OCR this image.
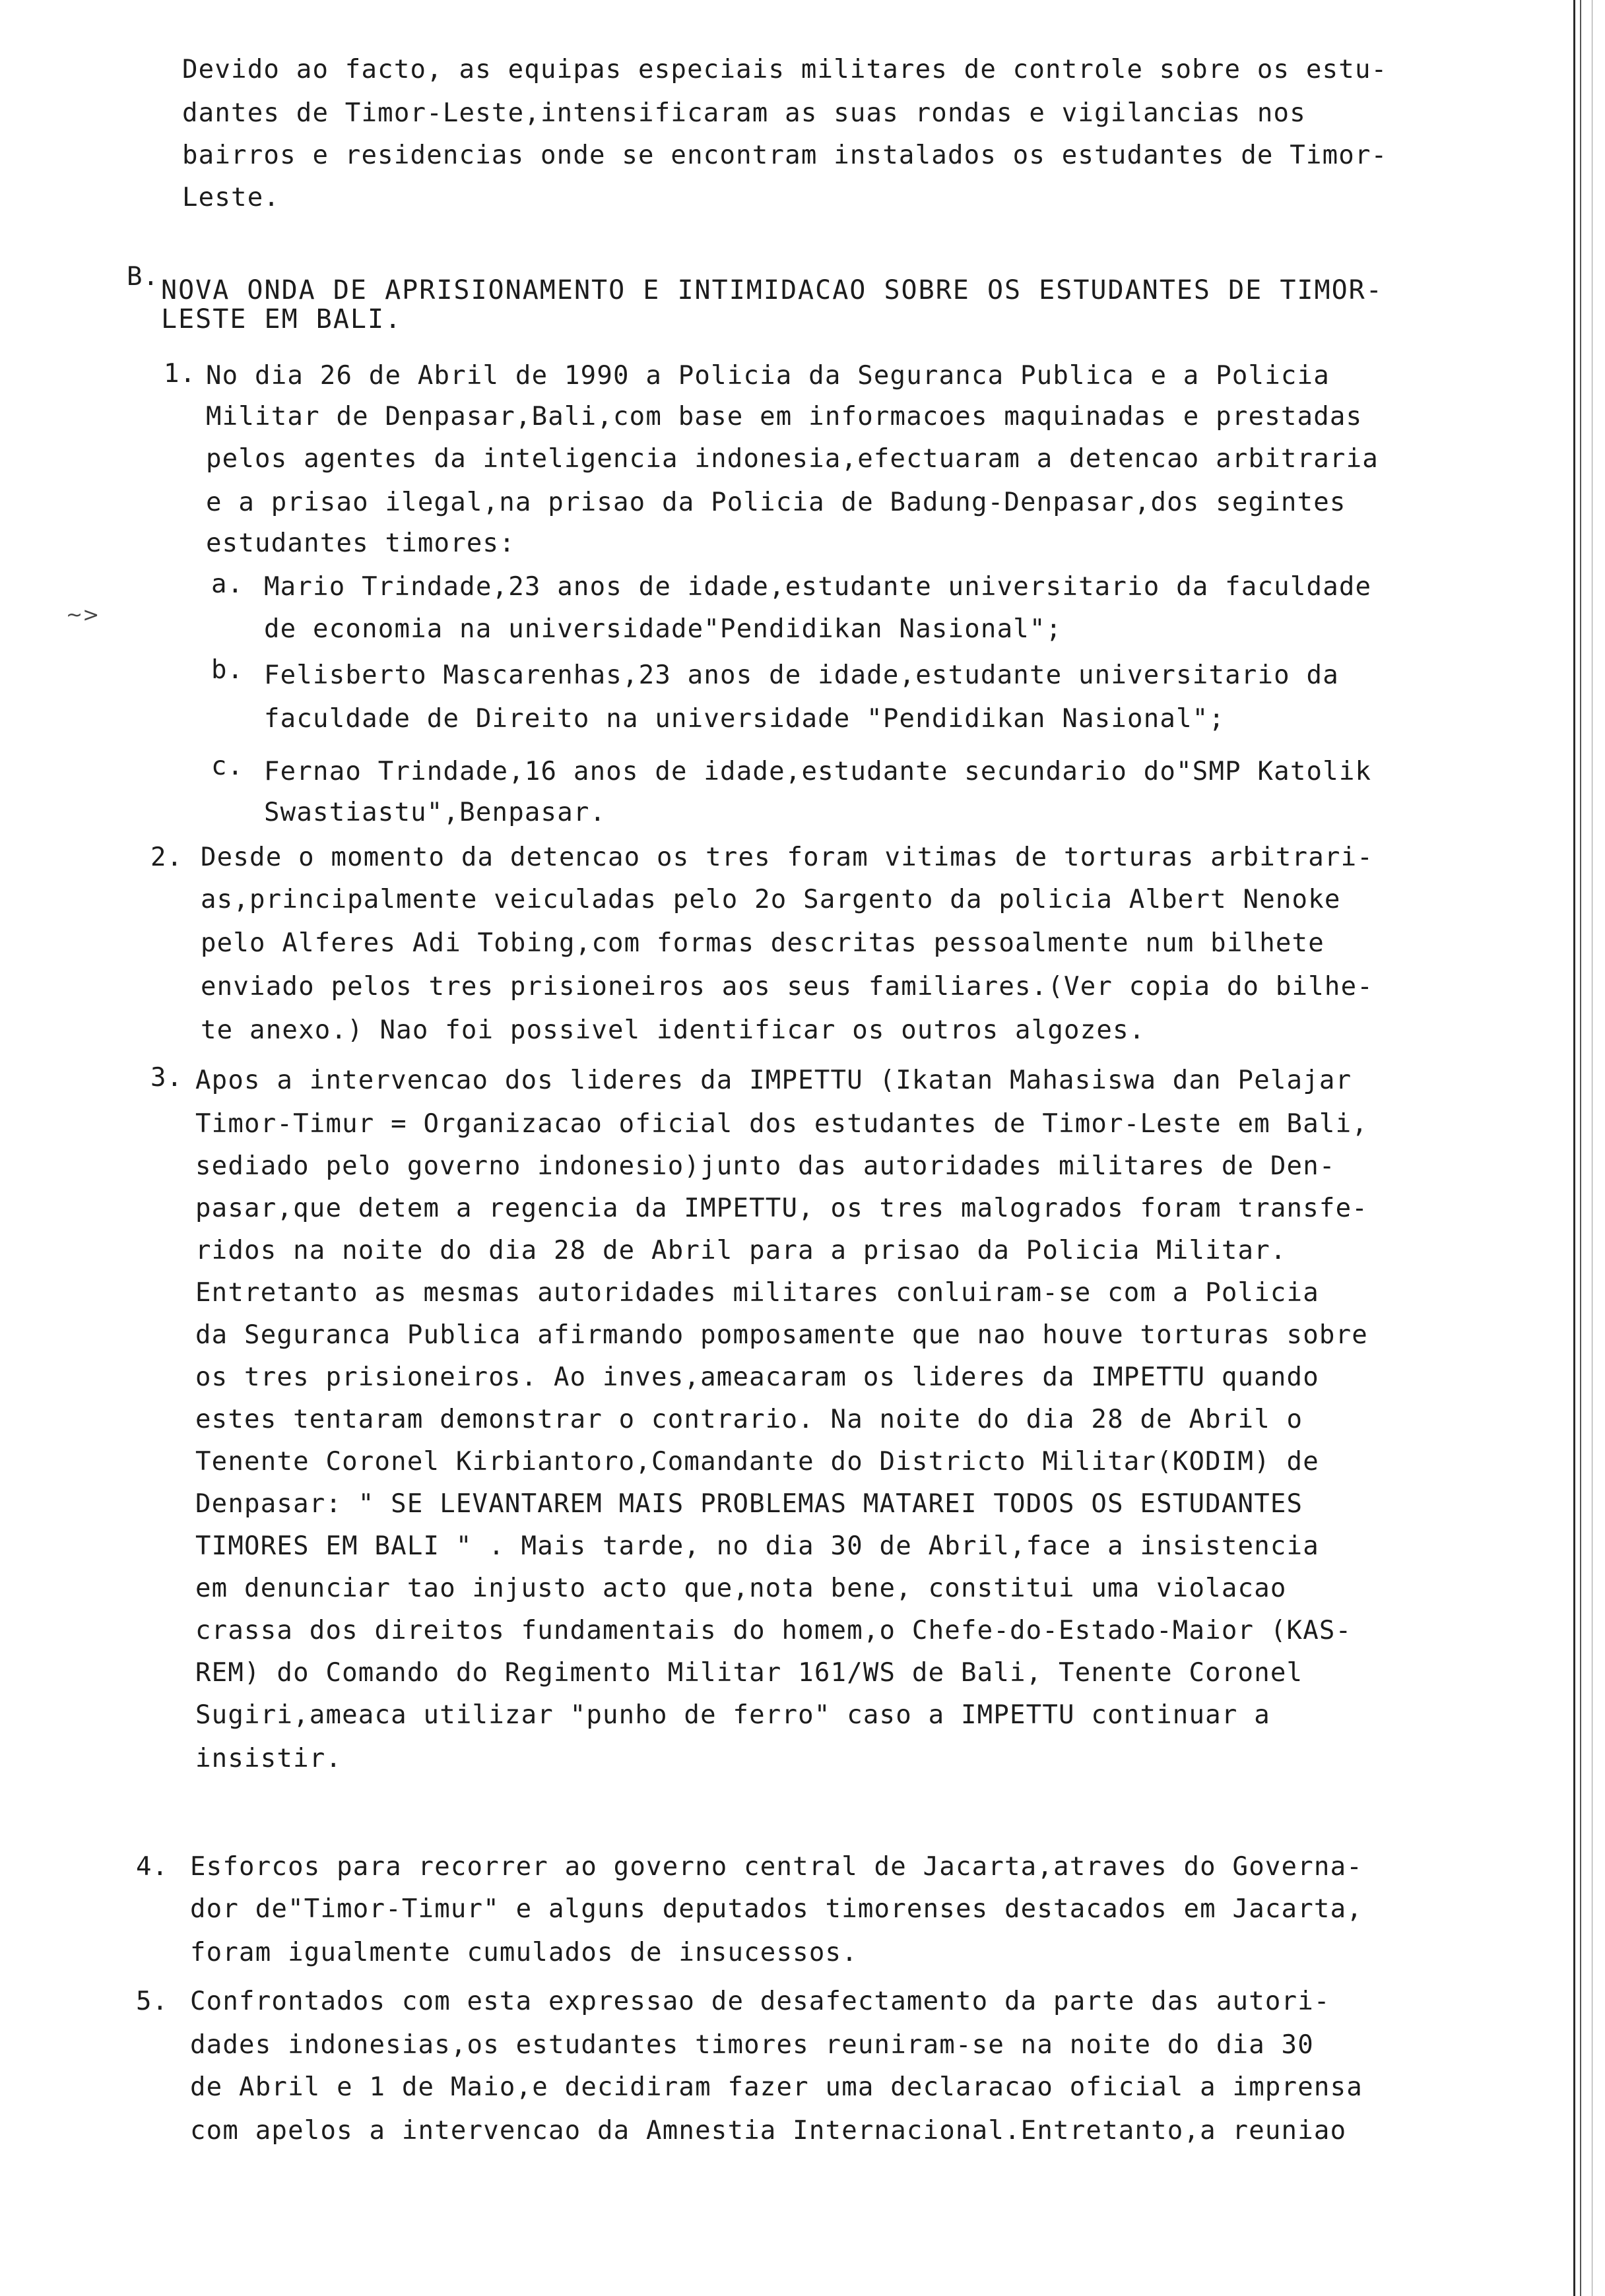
~>
Devido ao facto, as equipas especiais militares de controle sobre os estu-
dantes de Timor-Leste,intensificaram as suas rondas e vigilancias nos
bairros e residencias onde se encontram instalados os estudantes de Timor-
Leste.
B. NOVA ONDA DE APRISIONAMENTO E INTIMIDACAO SOBRE OS ESTUDANTES DE TIMOR-
LESTE EM BALI.
1. No dia 26 de Abril de 1990 a Policia da Seguranca Publica e a Policia
Militar de Denpasar,Bali,com base em informacoes maquinadas e prestadas
pelos agentes da inteligencia indonesia,efectuaram a detencao arbitraria
e a prisao ilegal,na prisao da Policia de Badung-Denpasar,dos segintes
estudantes timores:
a. Mario Trindade,23 anos de idade,estudante universitario da faculdade
de economia na universidade"Pendidikan Nasional";
b. Felisberto Mascarenhas,23 anos de idade,estudante universitario da
faculdade de Direito na universidade "Pendidikan Nasional";
c. Fernao Trindade,16 anos de idade,estudante secundario do"SMP Katolik
Swastiastu",Benpasar.
2. Desde o momento da detencao os tres foram vitimas de torturas arbitrari-
as,principalmente veiculadas pelo 2o Sargento da policia Albert Nenoke
pelo Alferes Adi Tobing,com formas descritas pessoalmente num bilhete
enviado pelos tres prisioneiros aos seus familiares.(Ver copia do bilhe-
te anexo.) Nao foi possivel identificar os outros algozes.
3. Apos a intervencao dos lideres da IMPETTU (Ikatan Mahasiswa dan Pelajar
Timor-Timur = Organizacao oficial dos estudantes de Timor-Leste em Bali,
sediado pelo governo indonesio)junto das autoridades militares de Den-
pasar,que detem a regencia da IMPETTU, os tres malogrados foram transfe-
ridos na noite do dia 28 de Abril para a prisao da Policia Militar.
Entretanto as mesmas autoridades militares conluiram-se com a Policia
da Seguranca Publica afirmando pomposamente que nao houve torturas sobre
os tres prisioneiros. Ao inves,ameacaram os lideres da IMPETTU quando
estes tentaram demonstrar o contrario. Na noite do dia 28 de Abril o
Tenente Coronel Kirbiantoro,Comandante do Districto Militar(KODIM) de
Denpasar: " SE LEVANTAREM MAIS PROBLEMAS MATAREI TODOS OS ESTUDANTES
TIMORES EM BALI " . Mais tarde, no dia 30 de Abril,face a insistencia
em denunciar tao injusto acto que,nota bene, constitui uma violacao
crassa dos direitos fundamentais do homem,o Chefe-do-Estado-Maior (KAS-
REM) do Comando do Regimento Militar 161/WS de Bali, Tenente Coronel
Sugiri,ameaca utilizar "punho de ferro" caso a IMPETTU continuar a
insistir.
4. Esforcos para recorrer ao governo central de Jacarta,atraves do Governa-
dor de"Timor-Timur" e alguns deputados timorenses destacados em Jacarta,
foram igualmente cumulados de insucessos.
5. Confrontados com esta expressao de desafectamento da parte das autori-
dades indonesias,os estudantes timores reuniram-se na noite do dia 30
de Abril e 1 de Maio,e decidiram fazer uma declaracao oficial a imprensa
com apelos a intervencao da Amnestia Internacional.Entretanto,a reuniao
